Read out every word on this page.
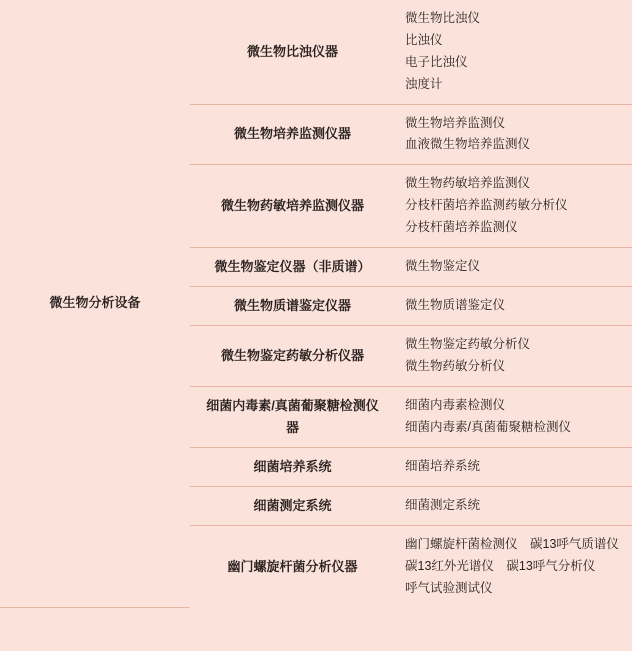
微生物分析设备	微生物比浊仪器	微生物比浊仪
比浊仪
电子比浊仪
浊度计

	微生物培养监测仪器	微生物培养监测仪
血液微生物培养监测仪

	微生物药敏培养监测仪器	微生物药敏培养监测仪
分枝杆菌培养监测药敏分析仪
分枝杆菌培养监测仪

	微生物鉴定仪器（非质谱）	微生物鉴定仪

	微生物质谱鉴定仪器	微生物质谱鉴定仪

	微生物鉴定药敏分析仪器	微生物鉴定药敏分析仪
微生物药敏分析仪

	细菌内毒素/真菌葡聚糖检测仪器	细菌内毒素检测仪
细菌内毒素/真菌葡聚糖检测仪

	细菌培养系统	细菌培养系统

	细菌测定系统	细菌测定系统

	幽门螺旋杆菌分析仪器	幽门螺旋杆菌检测仪　碳13呼气质谱仪
碳13红外光谱仪　碳13呼气分析仪
呼气试验测试仪
